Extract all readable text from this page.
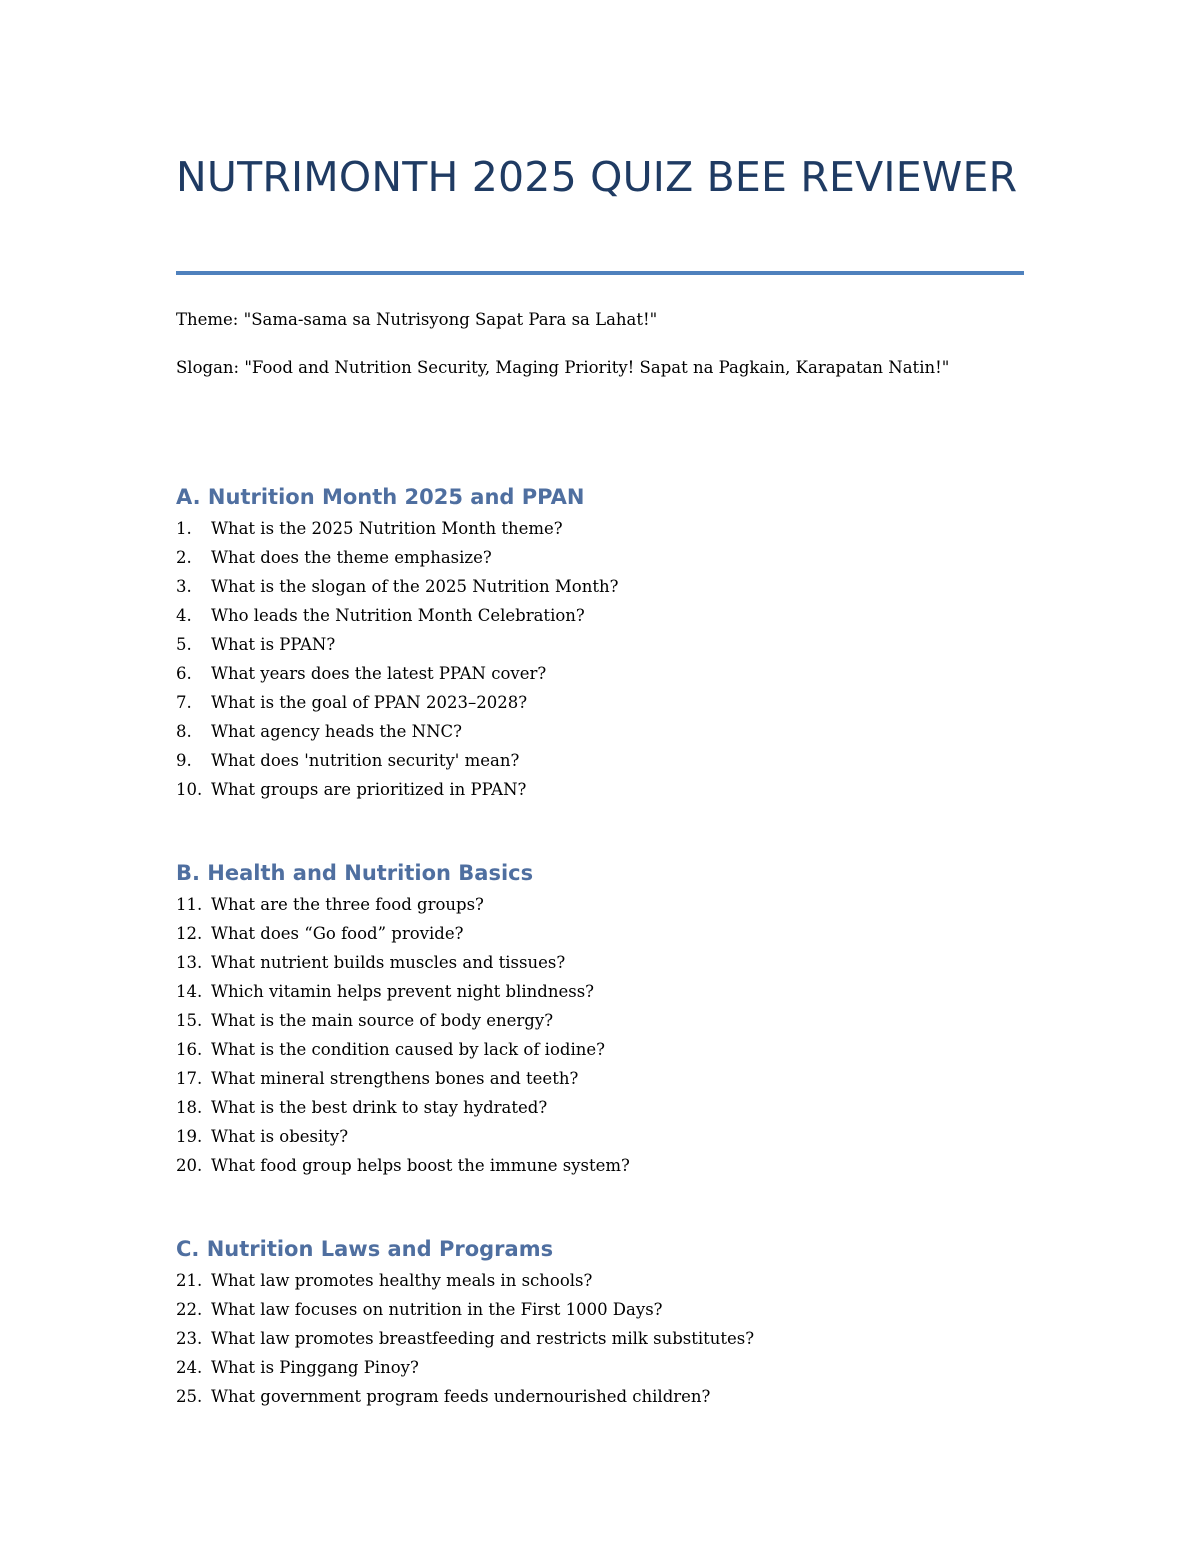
NUTRIMONTH 2025 QUIZ BEE REVIEWER

Theme: "Sama-sama sa Nutrisyong Sapat Para sa Lahat!"

Slogan: "Food and Nutrition Security, Maging Priority! Sapat na Pagkain, Karapatan Natin!"

A. Nutrition Month 2025 and PPAN
1.	What is the 2025 Nutrition Month theme?
2.	What does the theme emphasize?
3.	What is the slogan of the 2025 Nutrition Month?
4.	Who leads the Nutrition Month Celebration?
5.	What is PPAN?
6.	What years does the latest PPAN cover?
7.	What is the goal of PPAN 2023–2028?
8.	What agency heads the NNC?
9.	What does 'nutrition security' mean?
10. What groups are prioritized in PPAN?
B. Health and Nutrition Basics
11. What are the three food groups?
12. What does “Go food” provide?
13. What nutrient builds muscles and tissues?
14. Which vitamin helps prevent night blindness?
15. What is the main source of body energy?
16. What is the condition caused by lack of iodine?
17. What mineral strengthens bones and teeth?
18. What is the best drink to stay hydrated?
19. What is obesity?
20. What food group helps boost the immune system?
C. Nutrition Laws and Programs
21. What law promotes healthy meals in schools?
22. What law focuses on nutrition in the First 1000 Days?
23. What law promotes breastfeeding and restricts milk substitutes?
24. What is Pinggang Pinoy?
25. What government program feeds undernourished children?
